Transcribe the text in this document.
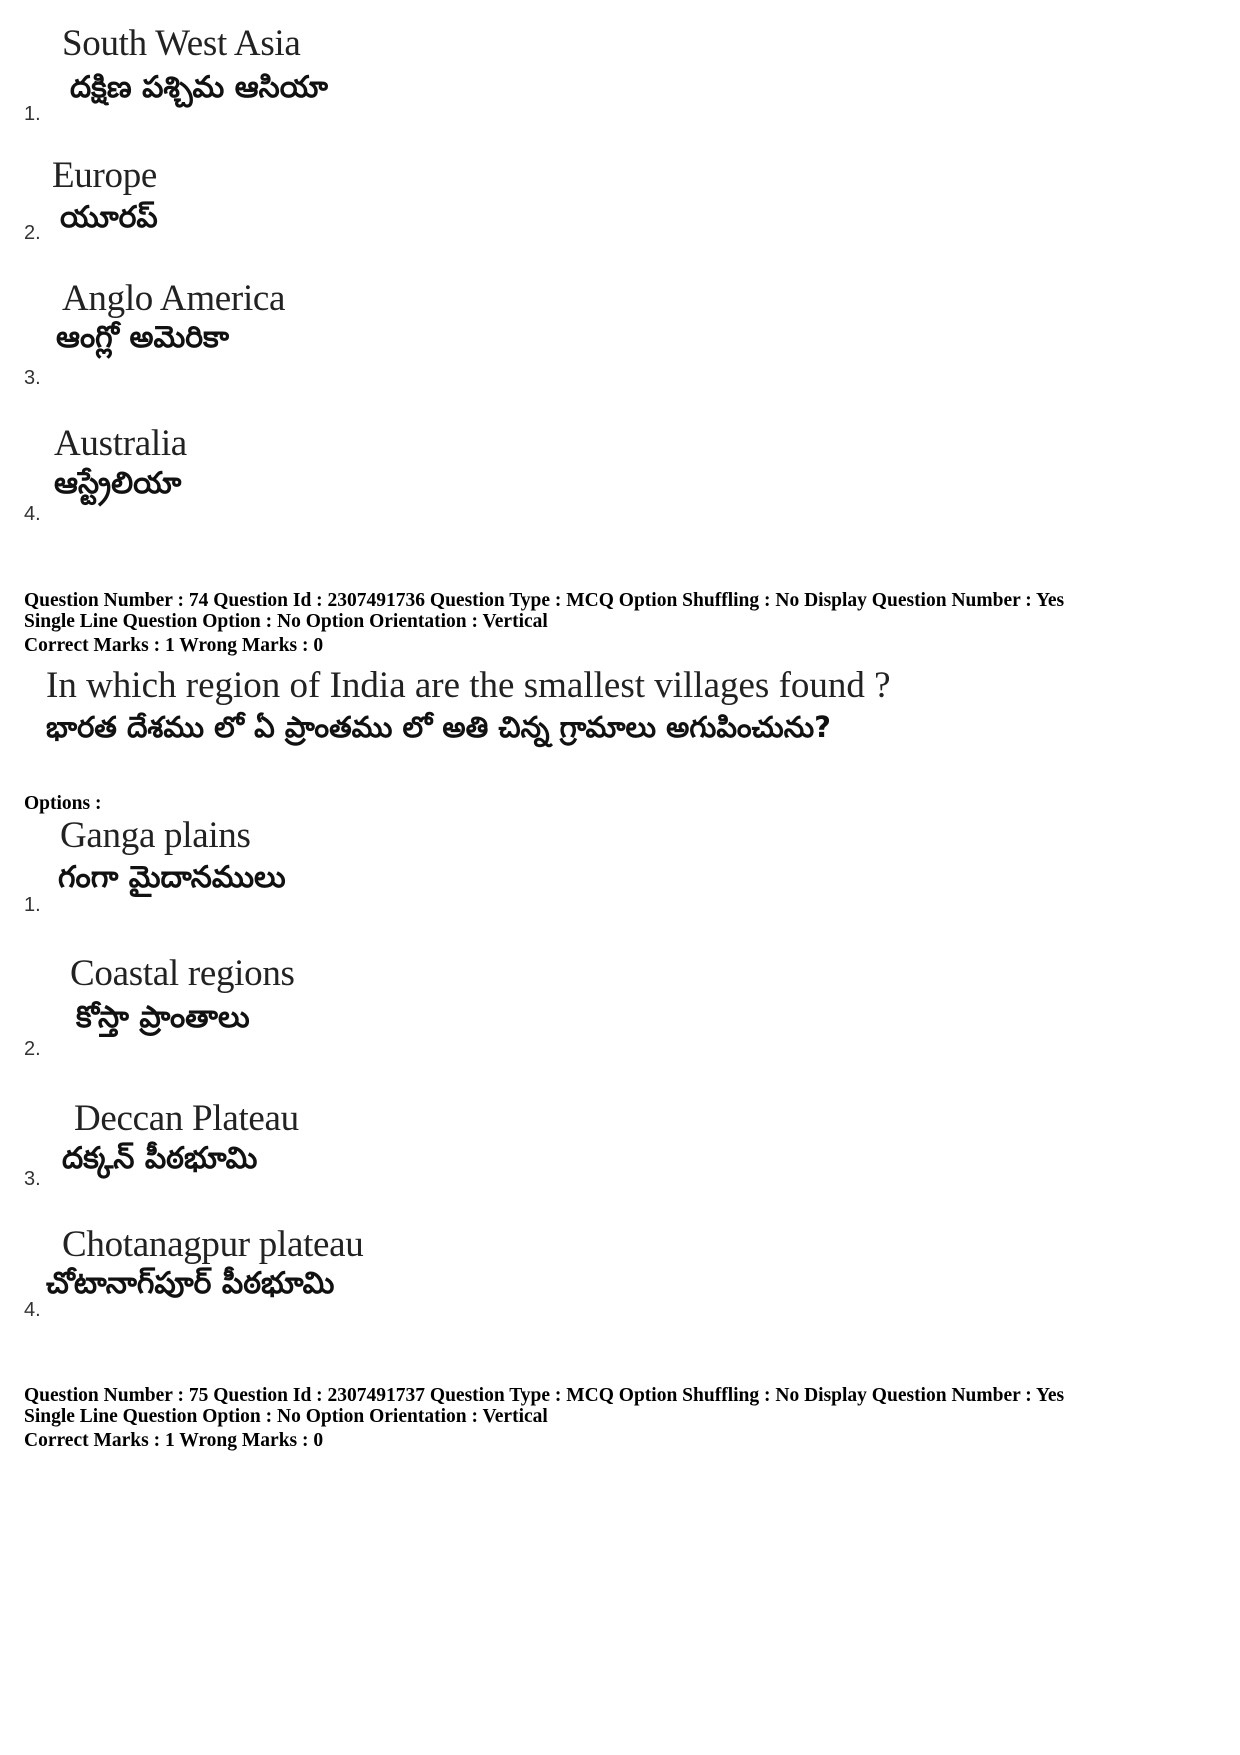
South West Asia
దక్షిణ పశ్చిమ ఆసియా
1.
Europe
యూరప్
2.
Anglo America
ఆంగ్లో అమెరికా
3.
Australia
ఆస్ట్రేలియా
4.
Question Number : 74 Question Id : 2307491736 Question Type : MCQ Option Shuffling : No Display Question Number : Yes
Single Line Question Option : No Option Orientation : Vertical
Correct Marks : 1 Wrong Marks : 0
In which region of India are the smallest villages found ?
భారత దేశము లో ఏ ప్రాంతము లో అతి చిన్న గ్రామాలు అగుపించును?
Options :
Ganga plains
గంగా మైదానములు
1.
Coastal regions
కోస్తా ప్రాంతాలు
2.
Deccan Plateau
దక్కన్ పీఠభూమి
3.
Chotanagpur plateau
చోటానాగ్‌పూర్ పీఠభూమి
4.
Question Number : 75 Question Id : 2307491737 Question Type : MCQ Option Shuffling : No Display Question Number : Yes
Single Line Question Option : No Option Orientation : Vertical
Correct Marks : 1 Wrong Marks : 0
